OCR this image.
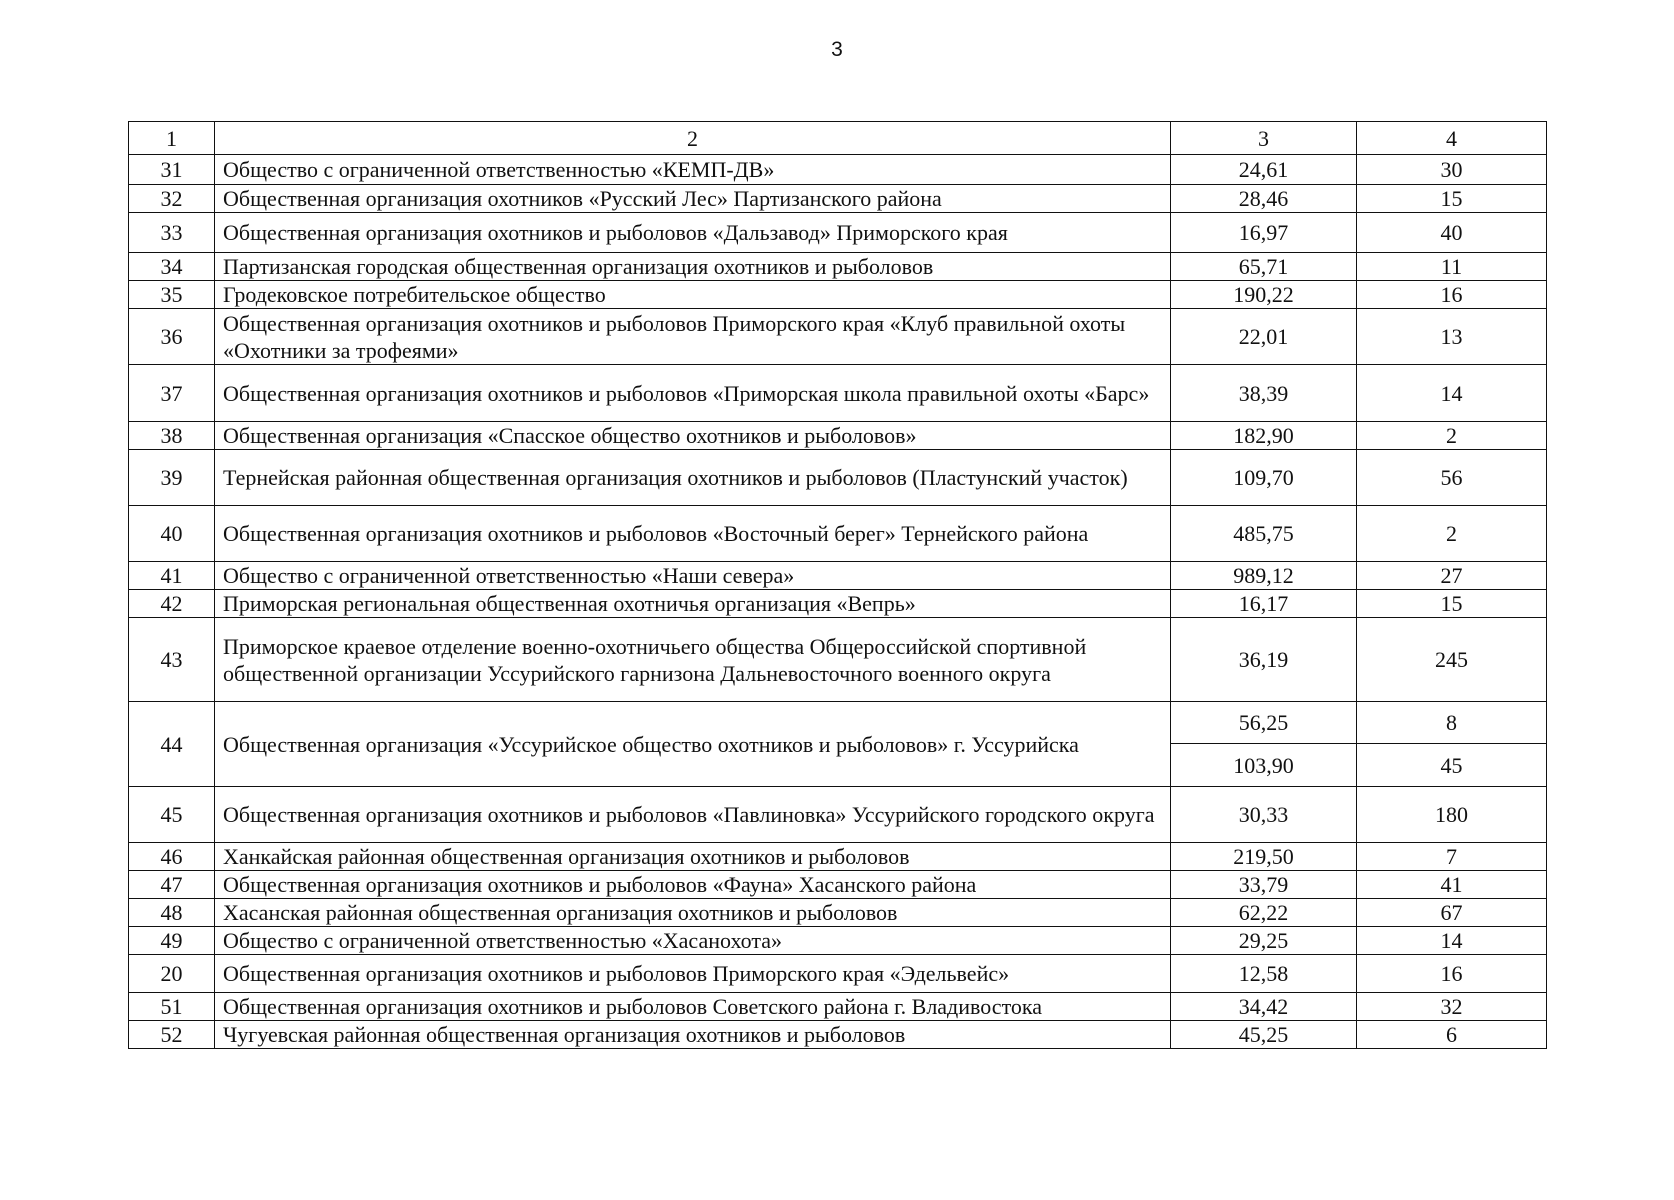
3
1	2	3	4
31	Общество с ограниченной ответственностью «КЕМП-ДВ»	24,61	30
32	Общественная организация охотников «Русский Лес» Партизанского района	28,46	15
33	Общественная организация охотников и рыболовов «Дальзавод» Приморского края	16,97	40
34	Партизанская городская общественная организация охотников и рыболовов	65,71	11
35	Гродековское потребительское общество	190,22	16
36	Общественная организация охотников и рыболовов Приморского края «Клуб правильной охоты «Охотники за трофеями»	22,01	13
37	Общественная организация охотников и рыболовов «Приморская школа правильной охоты «Барс»	38,39	14
38	Общественная организация «Спасское общество охотников и рыболовов»	182,90	2
39	Тернейская районная общественная организация охотников и рыболовов (Пластунский участок)	109,70	56
40	Общественная организация охотников и рыболовов «Восточный берег» Тернейского района	485,75	2
41	Общество с ограниченной ответственностью «Наши севера»	989,12	27
42	Приморская региональная общественная охотничья организация «Вепрь»	16,17	15
43	Приморское краевое отделение военно-охотничьего общества Общероссийской спортивной общественной организации Уссурийского гарнизона Дальневосточного военного округа	36,19	245
44	Общественная организация «Уссурийское общество охотников и рыболовов» г. Уссурийска	56,25	8
		103,90	45
45	Общественная организация охотников и рыболовов «Павлиновка» Уссурийского городского округа	30,33	180
46	Ханкайская районная общественная организация охотников и рыболовов	219,50	7
47	Общественная организация охотников и рыболовов «Фауна» Хасанского района	33,79	41
48	Хасанская районная общественная организация охотников и рыболовов	62,22	67
49	Общество с ограниченной ответственностью «Хасанохота»	29,25	14
20	Общественная организация охотников и рыболовов Приморского края «Эдельвейс»	12,58	16
51	Общественная организация охотников и рыболовов Советского района г. Владивостока	34,42	32
52	Чугуевская районная общественная организация охотников и рыболовов	45,25	6
